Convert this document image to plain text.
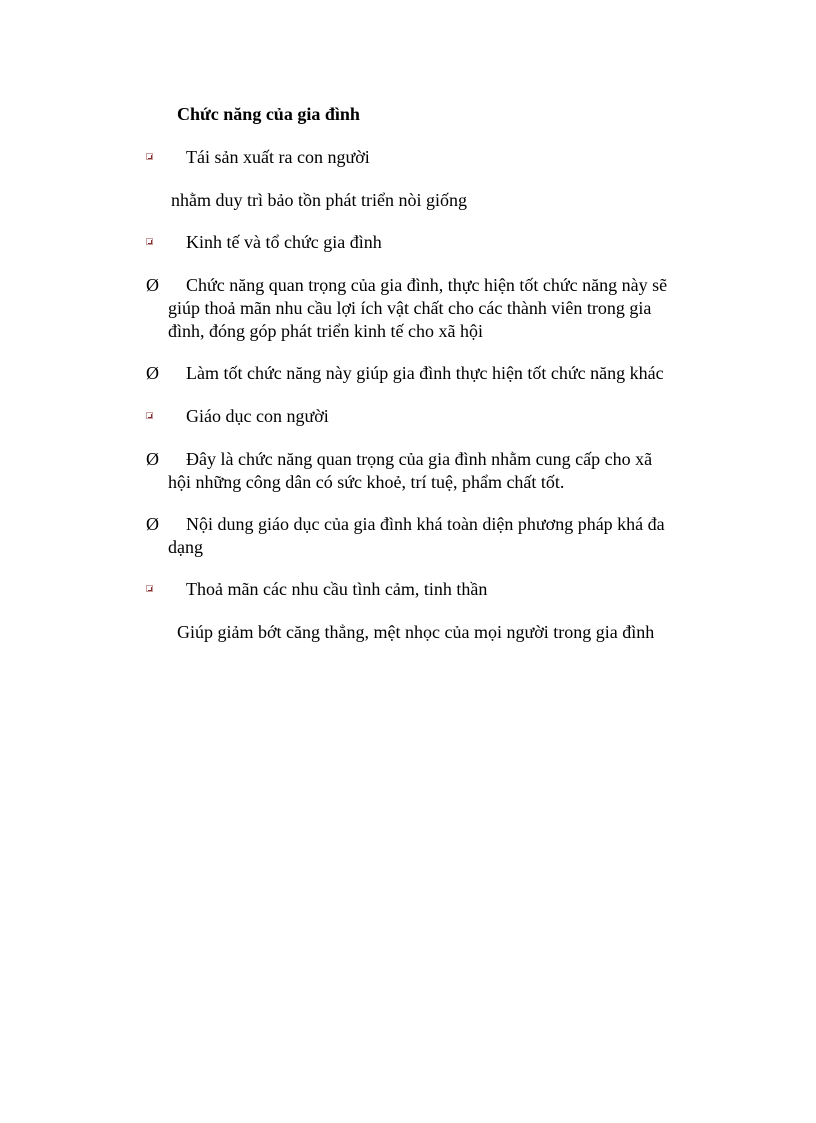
Chức năng của gia đình
Tái sản xuất ra con người
nhằm duy trì bảo tồn phát triển nòi giống
Kinh tế và tổ chức gia đình
Ø Chức năng quan trọng của gia đình, thực hiện tốt chức năng này sẽ
giúp thoả mãn nhu cầu lợi ích vật chất cho các thành viên trong gia
đình, đóng góp phát triển kinh tế cho xã hội
Ø Làm tốt chức năng này giúp gia đình thực hiện tốt chức năng khác
Giáo dục con người
Ø Đây là chức năng quan trọng của gia đình nhằm cung cấp cho xã
hội những công dân có sức khoẻ, trí tuệ, phẩm chất tốt.
Ø Nội dung giáo dục của gia đình khá toàn diện phương pháp khá đa
dạng
Thoả mãn các nhu cầu tình cảm, tinh thần
Giúp giảm bớt căng thẳng, mệt nhọc của mọi người trong gia đình
